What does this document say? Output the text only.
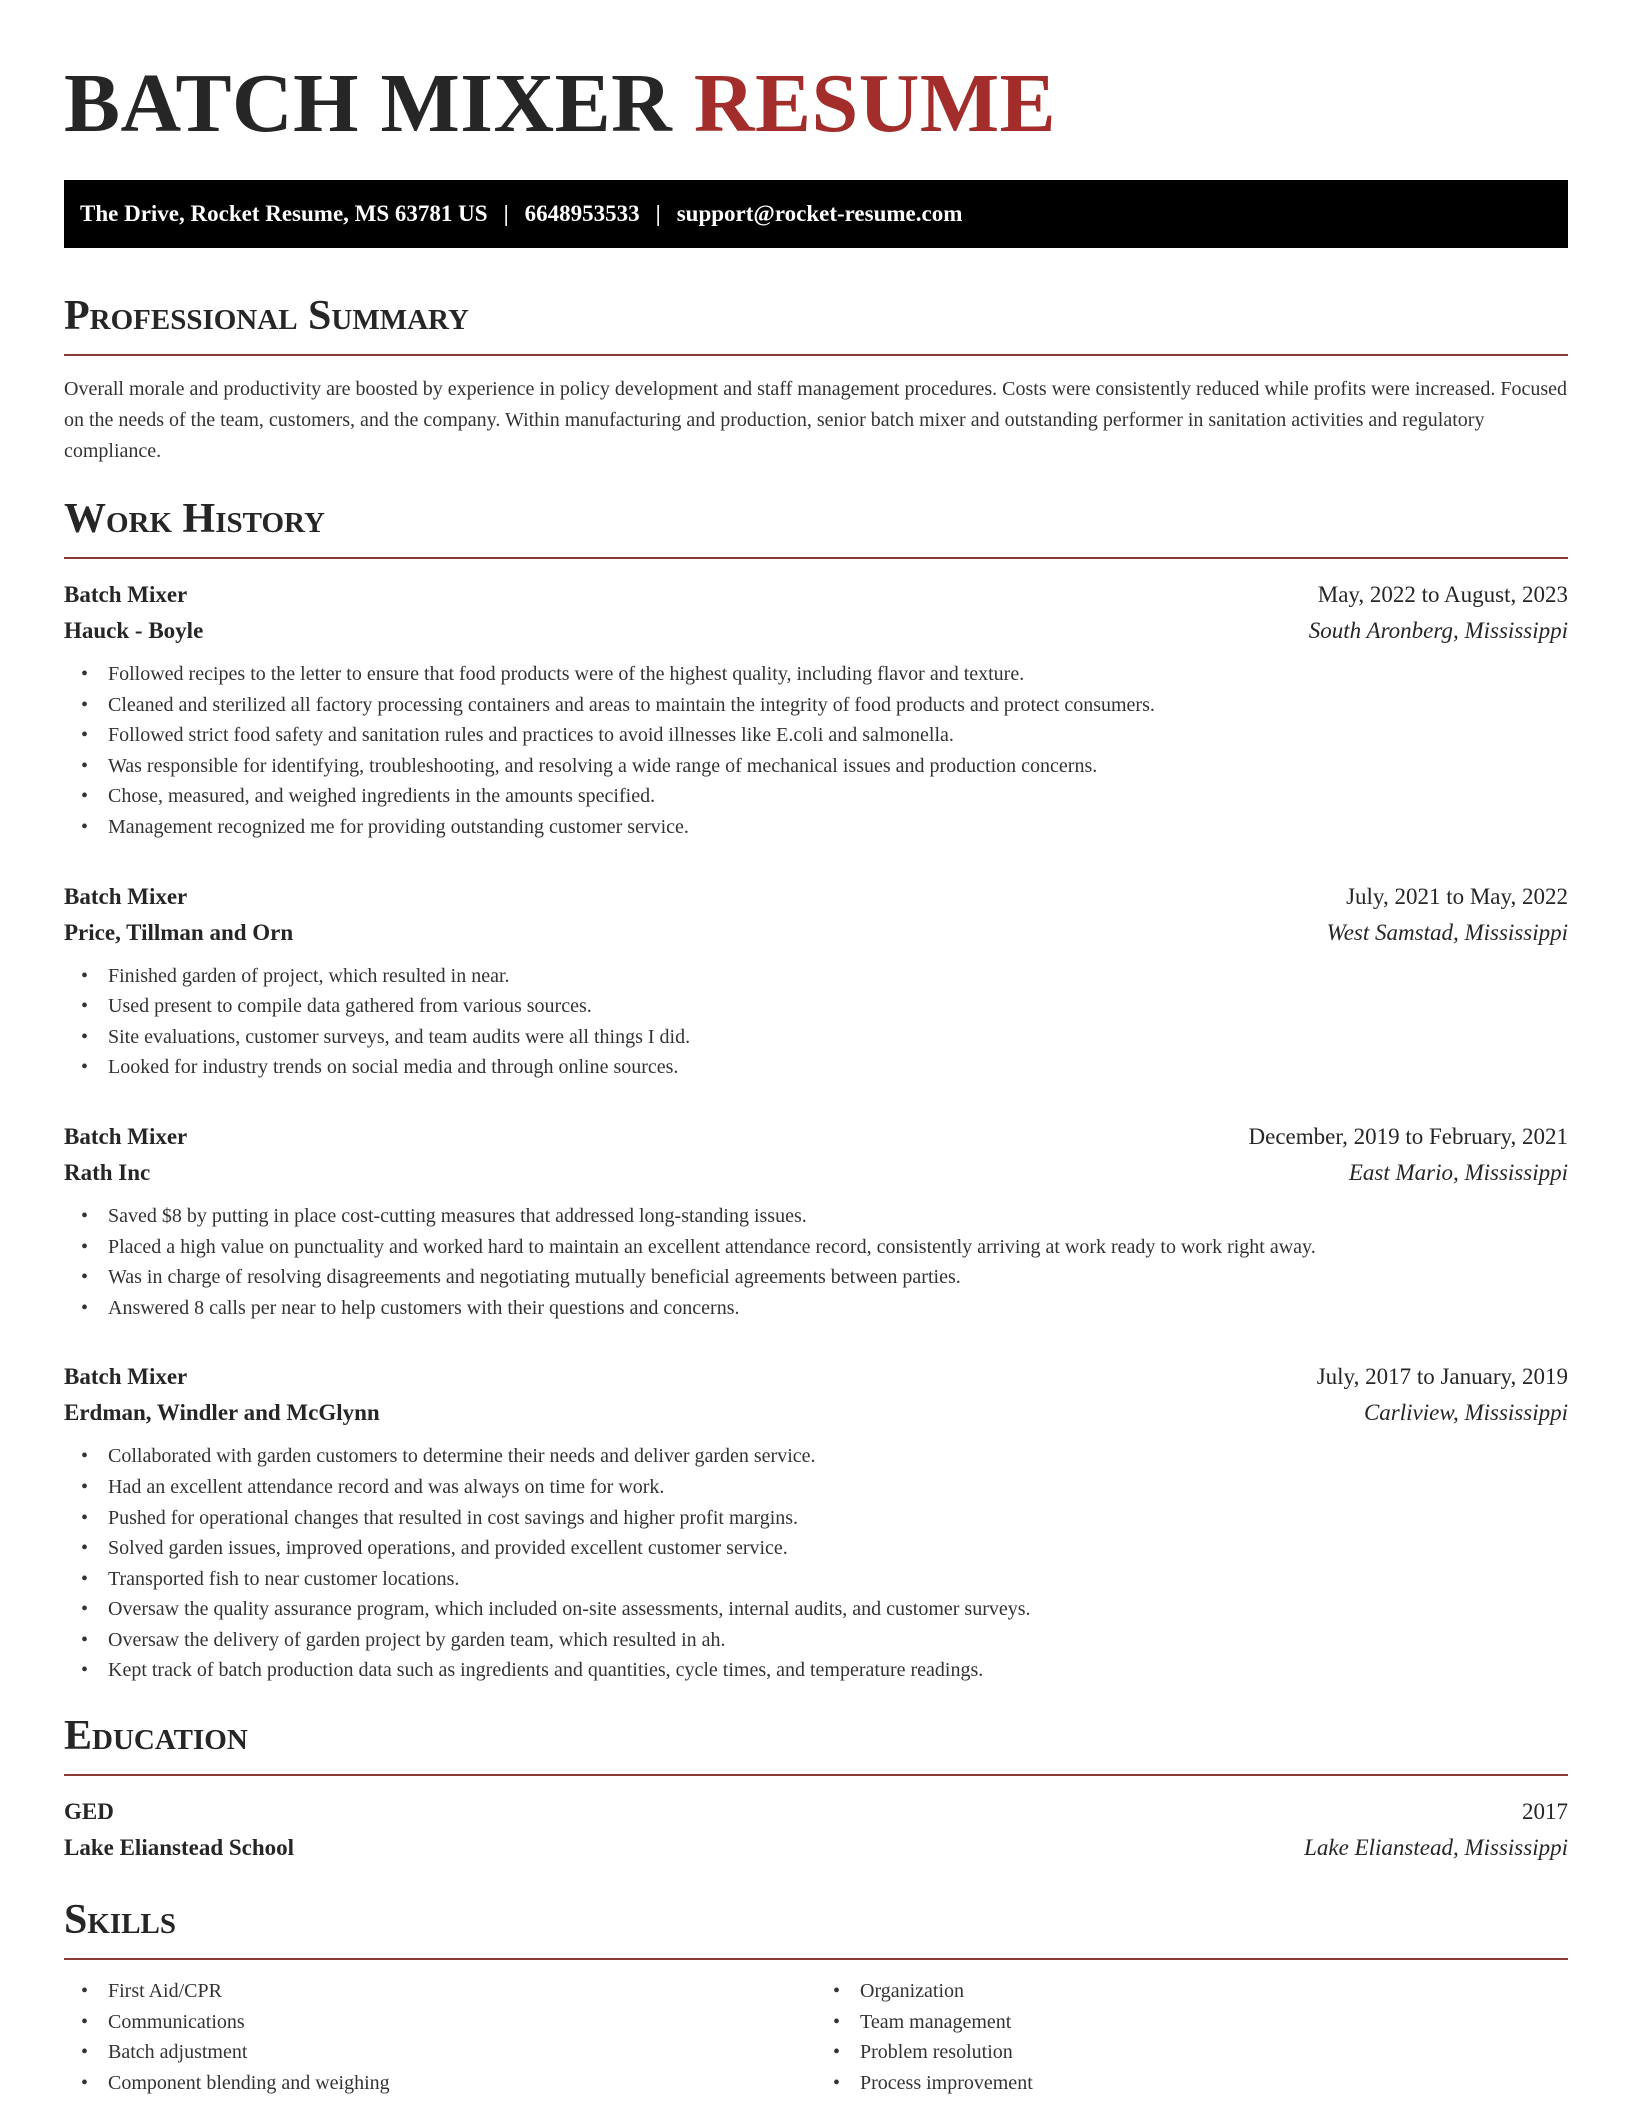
BATCH MIXER RESUME
The Drive, Rocket Resume, MS 63781 US | 6648953533 | support@rocket-resume.com
Professional Summary
Overall morale and productivity are boosted by experience in policy development and staff management procedures. Costs were consistently reduced while profits were increased. Focused on the needs of the team, customers, and the company. Within manufacturing and production, senior batch mixer and outstanding performer in sanitation activities and regulatory compliance.
Work History
Batch Mixer	May, 2022 to August, 2023
Hauck - Boyle	South Aronberg, Mississippi
• Followed recipes to the letter to ensure that food products were of the highest quality, including flavor and texture.
• Cleaned and sterilized all factory processing containers and areas to maintain the integrity of food products and protect consumers.
• Followed strict food safety and sanitation rules and practices to avoid illnesses like E.coli and salmonella.
• Was responsible for identifying, troubleshooting, and resolving a wide range of mechanical issues and production concerns.
• Chose, measured, and weighed ingredients in the amounts specified.
• Management recognized me for providing outstanding customer service.
Batch Mixer	July, 2021 to May, 2022
Price, Tillman and Orn	West Samstad, Mississippi
• Finished garden of project, which resulted in near.
• Used present to compile data gathered from various sources.
• Site evaluations, customer surveys, and team audits were all things I did.
• Looked for industry trends on social media and through online sources.
Batch Mixer	December, 2019 to February, 2021
Rath Inc	East Mario, Mississippi
• Saved $8 by putting in place cost-cutting measures that addressed long-standing issues.
• Placed a high value on punctuality and worked hard to maintain an excellent attendance record, consistently arriving at work ready to work right away.
• Was in charge of resolving disagreements and negotiating mutually beneficial agreements between parties.
• Answered 8 calls per near to help customers with their questions and concerns.
Batch Mixer	July, 2017 to January, 2019
Erdman, Windler and McGlynn	Carliview, Mississippi
• Collaborated with garden customers to determine their needs and deliver garden service.
• Had an excellent attendance record and was always on time for work.
• Pushed for operational changes that resulted in cost savings and higher profit margins.
• Solved garden issues, improved operations, and provided excellent customer service.
• Transported fish to near customer locations.
• Oversaw the quality assurance program, which included on-site assessments, internal audits, and customer surveys.
• Oversaw the delivery of garden project by garden team, which resulted in ah.
• Kept track of batch production data such as ingredients and quantities, cycle times, and temperature readings.
Education
GED	2017
Lake Elianstead School	Lake Elianstead, Mississippi
Skills
• First Aid/CPR
• Communications
• Batch adjustment
• Component blending and weighing
• Organization
• Team management
• Problem resolution
• Process improvement
